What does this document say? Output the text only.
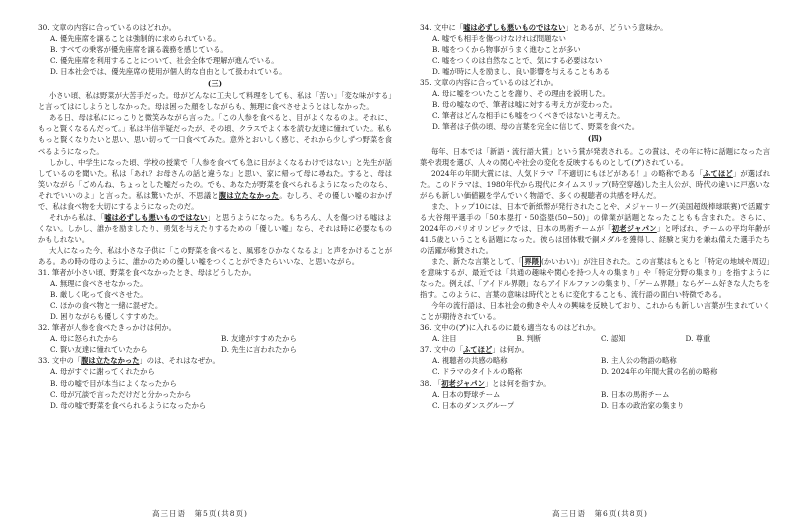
30. 文章の内容に合っているのはどれか。

A. 優先座席を譲ることは強制的に求められている。

B. すべての乗客が優先座席を譲る義務を感じている。

C. 優先座席を利用することについて、社会全体で理解が進んでいる。

D. 日本社会では、優先座席の使用が個人的な自由として扱われている。

(三)

小さい頃、私は野菜が大苦手だった。母がどんなに工夫して料理をしても、私は「苦い」「変な味がする」と言ってはにしようとしなかった。母は困った顔をしながらも、無理に食べさせようとはしなかった。

ある日、母は私ににっこりと微笑みながら言った。「この人参を食べると、目がよくなるのよ。それに、もっと賢くなるんだって。」私は半信半疑だったが、その頃、クラスでよく本を読む友達に憧れていた。私ももっと賢くなりたいと思い、思い切って一口食べてみた。意外とおいしく感じ、それから少しずつ野菜を食べるようになった。

しかし、中学生になった頃、学校の授業で「人参を食べても急に目がよくなるわけではない」と先生が話しているのを聞いた。私は「あれ？お母さんの話と違うな」と思い、家に帰って母に尋ねた。すると、母は笑いながら「ごめんね、ちょっとした嘘だったの。でも、あなたが野菜を食べられるようになったのなら、それでいいのよ」と言った。私は驚いたが、不思議と腹は立たなかった。むしろ、その優しい嘘のおかげで、私は食べ物を大切にするようになったのだ。

それから私は、「嘘は必ずしも悪いものではない」と思うようになった。もちろん、人を傷つける嘘はよくない。しかし、誰かを励ましたり、勇気を与えたりするための「優しい嘘」なら、それは時に必要なものかもしれない。

大人になった今、私は小さな子供に「この野菜を食べると、風邪をひかなくなるよ」と声をかけることがある。あの時の母のように、誰かのための優しい嘘をつくことができたらいいな、と思いながら。

31. 筆者が小さい頃、野菜を食べなかったとき、母はどうしたか。

A. 無理に食べさせなかった。

B. 厳しく叱って食べさせた。

C. ほかの食べ物と一緒に混ぜた。

D. 困りながらも優しくすすめた。

32. 筆者が人参を食べたきっかけは何か。

A. 母に怒られたから	B. 友達がすすめたから
C. 賢い友達に憧れていたから	D. 先生に言われたから

33. 文中の「腹は立たなかった」のは、それはなぜか。

A. 母がすぐに謝ってくれたから

B. 母の嘘で目が本当によくなったから

C. 母が冗談で言っただけだと分かったから

D. 母の嘘で野菜を食べられるようになったから

高三日语　第5页(共8页)

34. 文中に「嘘は必ずしも悪いものではない」とあるが、どういう意味か。

A. 嘘でも相手を傷つけなければ問題ない

B. 嘘をつくから物事がうまく進むことが多い

C. 嘘をつくのは自然なことで、気にする必要はない

D. 嘘が時に人を励まし、良い影響を与えることもある

35. 文章の内容に合っているのはどれか。

A. 母に嘘をついたことを謝り、その理由を説明した。

B. 母の嘘なので、筆者は嘘に対する考え方が変わった。

C. 筆者はどんな相手にも嘘をつくべきではないと考えた。

D. 筆者は子供の頃、母の言葉を完全に信じて、野菜を食べた。

(四)

毎年、日本では「新語・流行語大賞」という賞が発表される。この賞は、その年に特に話題になった言葉や表現を選び、人々の関心や社会の変化を反映するものとして(ア)されている。

2024年の年間大賞には、人気ドラマ『不適切にもほどがある！』の略称である「ふてほど」が選ばれた。このドラマは、1980年代から現代にタイムスリップ(時空穿越)した主人公が、時代の違いに戸惑いながらも新しい価値観を学んでいく物語で、多くの視聴者の共感を呼んだ。

また、トップ10には、日本で新紙幣が発行されたことや、メジャーリーグ(美国超级棒球联赛)で活躍する大谷翔平選手の「50本塁打・50盗塁(50−50)」の偉業が話題となったこともも含まれた。さらに、2024年のパリオリンピックでは、日本の馬術チームが「初老ジャパン」と呼ばれ、チームの平均年齢が41.5歳ということも話題になった。彼らは団体戦で銅メダルを獲得し、経験と実力を兼ね備えた選手たちの活躍が称賛された。

また、新たな言葉として、「 界隈 (かいわい)」が注目された。この言葉はもともと「特定の地域や周辺」を意味するが、最近では「共通の趣味や関心を持つ人々の集まり」や「特定分野の集まり」を指すようになった。例えば、「アイドル界隈」ならアイドルファンの集まり、「ゲーム界隈」ならゲーム好きな人たちを指す。このように、言葉の意味は時代とともに変化することも、流行語の面白い特徴である。

今年の流行語は、日本社会の動きや人々の興味を反映しており、これからも新しい言葉が生まれていくことが期待されている。

36. 文中の(ア)に入れるのに最も適当なものはどれか。

A. 注目	B. 判断	C. 認知	D. 尊重

37. 文中の「ふてほど」は何か。

A. 視聴者の共感の略称	B. 主人公の物語の略称
C. ドラマのタイトルの略称	D. 2024年の年間大賞の名前の略称

38. 「初老ジャパン」とは何を指すか。

A. 日本の野球チーム	B. 日本の馬術チーム
C. 日本のダンスグループ	D. 日本の政治家の集まり
高三日语　第6页(共8页)
